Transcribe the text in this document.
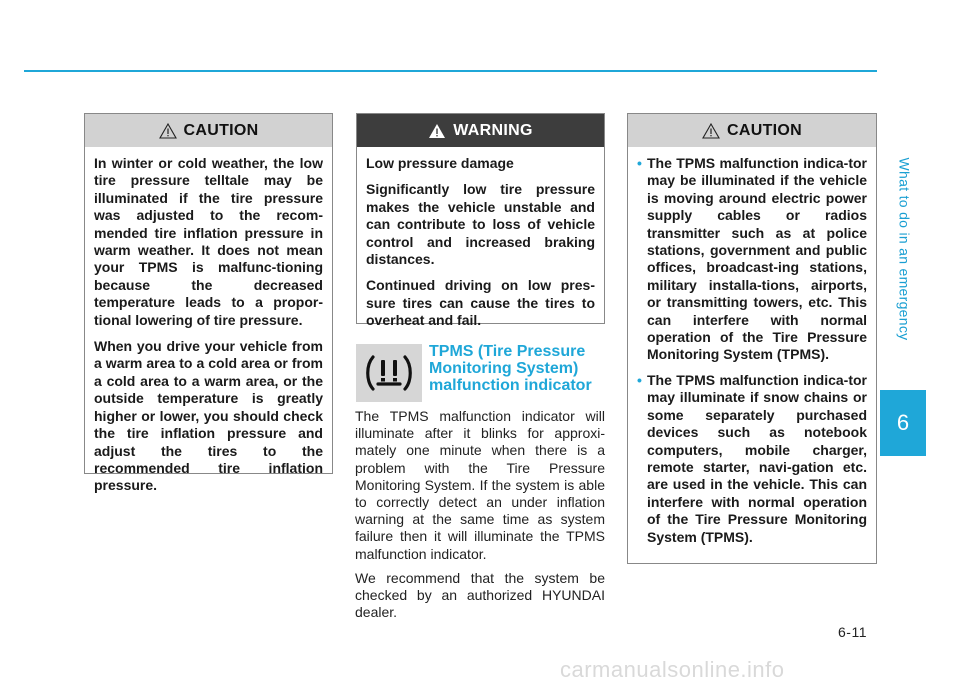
What to do in an emergency
6
CAUTION

In winter or cold weather, the low tire pressure telltale may be illuminated if the tire pressure was adjusted to the recom-mended tire inflation pressure in warm weather. It does not mean your TPMS is malfunc-tioning because the decreased temperature leads to a propor-tional lowering of tire pressure.

When you drive your vehicle from a warm area to a cold area or from a cold area to a warm area, or the outside temperature is greatly higher or lower, you should check the tire inflation pressure and adjust the tires to the recommended tire inflation pressure.

WARNING

Low pressure damage

Significantly low tire pressure makes the vehicle unstable and can contribute to loss of vehicle control and increased braking distances.

Continued driving on low pres-sure tires can cause the tires to overheat and fail.

TPMS (Tire Pressure Monitoring System) malfunction indicator

The TPMS malfunction indicator will illuminate after it blinks for approxi-mately one minute when there is a problem with the Tire Pressure Monitoring System. If the system is able to correctly detect an under inflation warning at the same time as system failure then it will illuminate the TPMS malfunction indicator.

We recommend that the system be checked by an authorized HYUNDAI dealer.

CAUTION
• The TPMS malfunction indica-tor may be illuminated if the vehicle is moving around electric power supply cables or radios transmitter such as at police stations, government and public offices, broadcast-ing stations, military installa-tions, airports, or transmitting towers, etc. This can interfere with normal operation of the Tire Pressure Monitoring System (TPMS).
• The TPMS malfunction indica-tor may illuminate if snow chains or some separately purchased devices such as notebook computers, mobile charger, remote starter, navi-gation etc. are used in the vehicle. This can interfere with normal operation of the Tire Pressure Monitoring System (TPMS).
6-11
carmanualsonline.info
